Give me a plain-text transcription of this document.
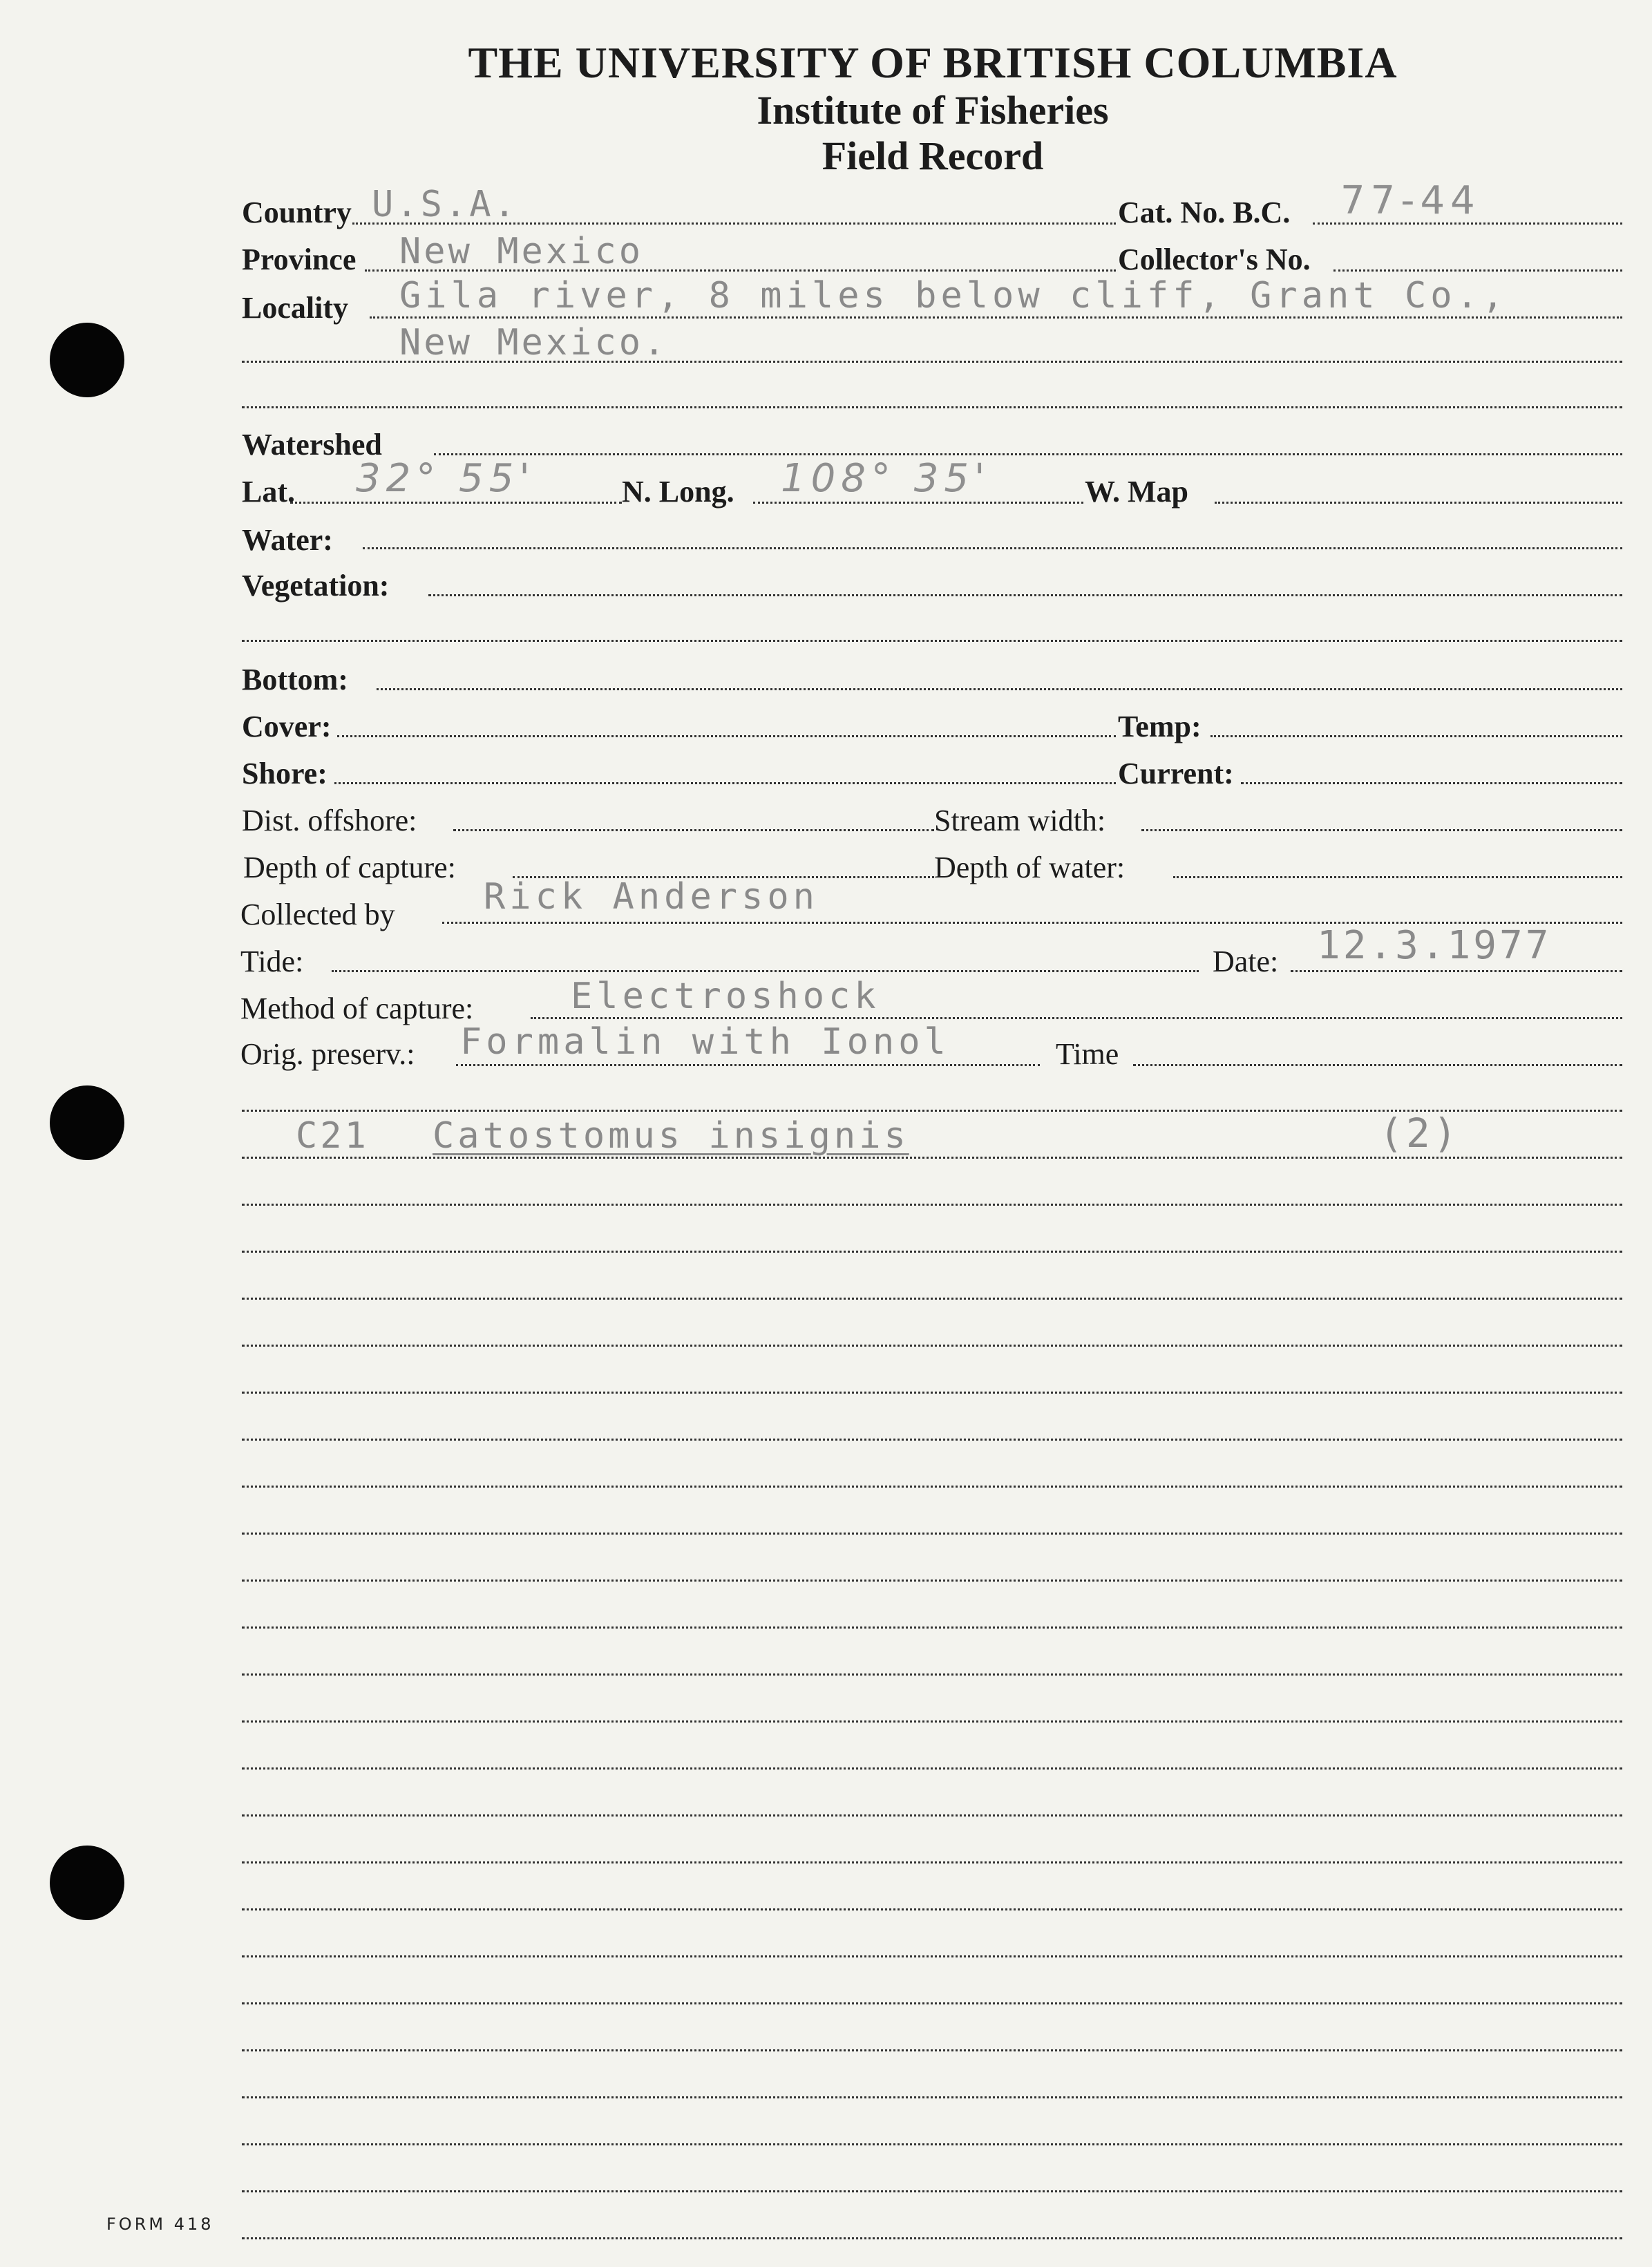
THE UNIVERSITY OF BRITISH COLUMBIA
Institute of Fisheries
Field Record
Country U.S.A.	Cat. No. B.C. 77-44
Province New Mexico	Collector's No.
Locality Gila river, 8 miles below cliff, Grant Co.,
New Mexico.
Watershed
Lat. 32° 55'	N. Long. 108° 35'	W. Map
Water:
Vegetation:
Bottom:
Cover:	Temp:
Shore:	Current:
Dist. offshore:	Stream width:
Depth of capture:	Depth of water:
Collected by Rick Anderson
Tide:	Date: 12.3.1977
Method of capture:	Electroshock
Orig. preserv.: Formalin with Ionol	Time
C21 Catostomus insignis	(2)
FORM 418
